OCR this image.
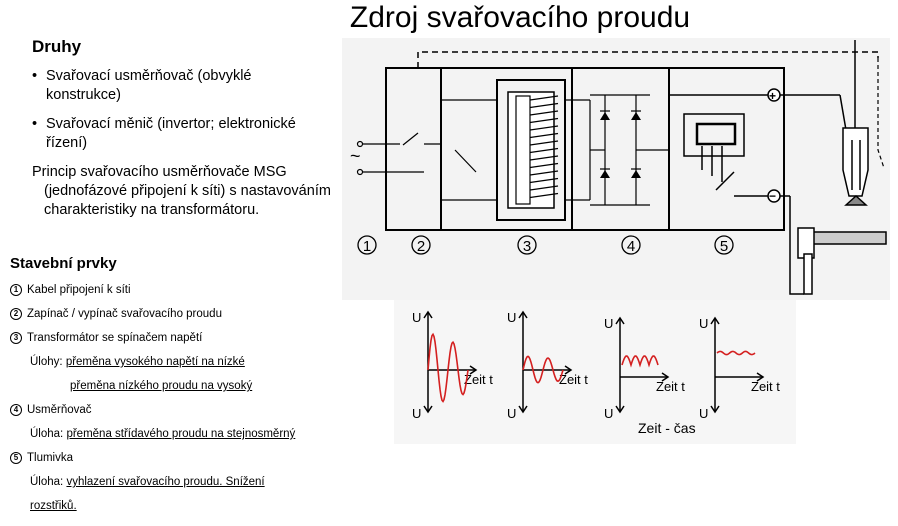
Zdroj svařovacího proudu
Druhy
• Svařovací usměrňovač (obvyklé konstrukce)
• Svařovací měnič (invertor; elektronické řízení)
Princip svařovacího usměrňovače MSG
(jednofázové připojení k síti) s nastavováním charakteristiky na transformátoru.
Stavební prvky
1 Kabel připojení k síti
2 Zapínač / vypínač svařovacího proudu
3 Transformátor se spínačem napětí
Úlohy: přeměna vysokého napětí na nízké
přeměna nízkého proudu na vysoký
4 Usměrňovač
Úloha: přeměna střídavého proudu na stejnosměrný
5 Tlumivka
Úloha: vyhlazení svařovacího proudu. Snížení
rozstřiků.
~
+
−
1	2	3	4	5
U
U
Zeit t
U
U
Zeit t
U
U
Zeit t
U
U
Zeit t
Zeit - čas
